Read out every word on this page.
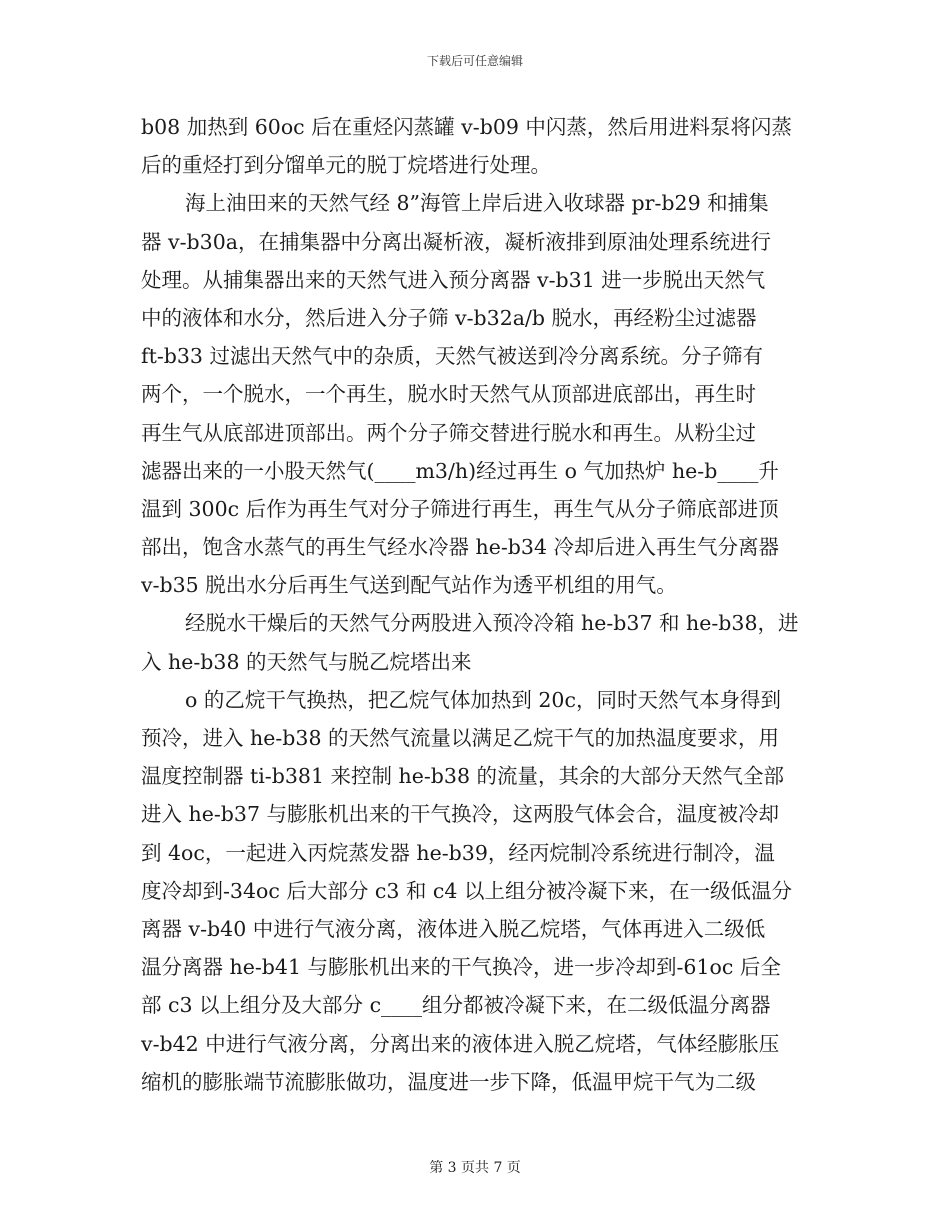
下载后可任意编辑
b08 加热到 60oc 后在重烃闪蒸罐 v-b09 中闪蒸，然后用进料泵将闪蒸
后的重烃打到分馏单元的脱丁烷塔进行处理。
海上油田来的天然气经 8”海管上岸后进入收球器 pr-b29 和捕集
器 v-b30a，在捕集器中分离出凝析液，凝析液排到原油处理系统进行
处理。从捕集器出来的天然气进入预分离器 v-b31 进一步脱出天然气
中的液体和水分，然后进入分子筛 v-b32a/b 脱水，再经粉尘过滤器
ft-b33 过滤出天然气中的杂质，天然气被送到冷分离系统。分子筛有
两个，一个脱水，一个再生，脱水时天然气从顶部进底部出，再生时
再生气从底部进顶部出。两个分子筛交替进行脱水和再生。从粉尘过
滤器出来的一小股天然气(____m3/h)经过再生 o 气加热炉 he-b____升
温到 300c 后作为再生气对分子筛进行再生，再生气从分子筛底部进顶
部出，饱含水蒸气的再生气经水冷器 he-b34 冷却后进入再生气分离器
v-b35 脱出水分后再生气送到配气站作为透平机组的用气。
经脱水干燥后的天然气分两股进入预冷冷箱 he-b37 和 he-b38，进
入 he-b38 的天然气与脱乙烷塔出来
o 的乙烷干气换热，把乙烷气体加热到 20c，同时天然气本身得到
预冷，进入 he-b38 的天然气流量以满足乙烷干气的加热温度要求，用
温度控制器 ti-b381 来控制 he-b38 的流量，其余的大部分天然气全部
进入 he-b37 与膨胀机出来的干气换冷，这两股气体会合，温度被冷却
到 4oc，一起进入丙烷蒸发器 he-b39，经丙烷制冷系统进行制冷，温
度冷却到-34oc 后大部分 c3 和 c4 以上组分被冷凝下来，在一级低温分
离器 v-b40 中进行气液分离，液体进入脱乙烷塔，气体再进入二级低
温分离器 he-b41 与膨胀机出来的干气换冷，进一步冷却到-61oc 后全
部 c3 以上组分及大部分 c____组分都被冷凝下来，在二级低温分离器
v-b42 中进行气液分离，分离出来的液体进入脱乙烷塔，气体经膨胀压
缩机的膨胀端节流膨胀做功，温度进一步下降，低温甲烷干气为二级
第 3 页共 7 页
